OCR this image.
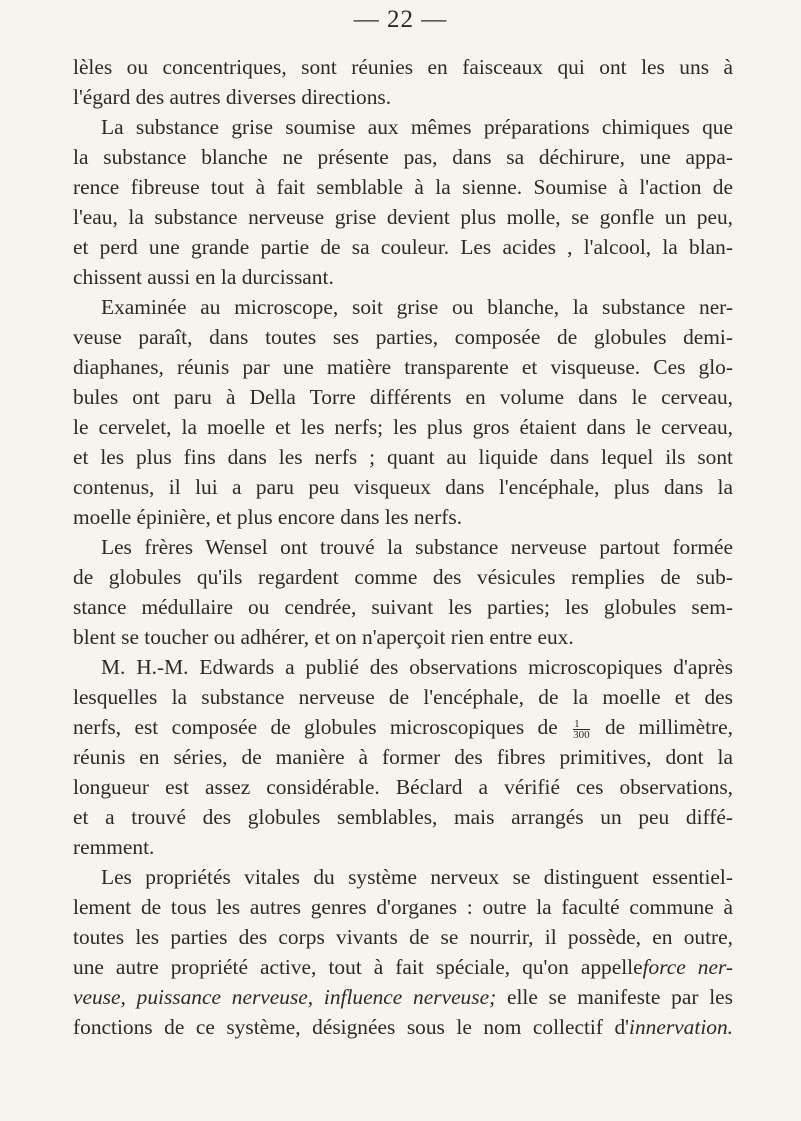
— 22 —
lèles ou concentriques, sont réunies en faisceaux qui ont les uns à
l'égard des autres diverses directions.
La substance grise soumise aux mêmes préparations chimiques que
la substance blanche ne présente pas, dans sa déchirure, une appa-
rence fibreuse tout à fait semblable à la sienne. Soumise à l'action de
l'eau, la substance nerveuse grise devient plus molle, se gonfle un peu,
et perd une grande partie de sa couleur. Les acides , l'alcool, la blan-
chissent aussi en la durcissant.
Examinée au microscope, soit grise ou blanche, la substance ner-
veuse paraît, dans toutes ses parties, composée de globules demi-
diaphanes, réunis par une matière transparente et visqueuse. Ces glo-
bules ont paru à Della Torre différents en volume dans le cerveau,
le cervelet, la moelle et les nerfs; les plus gros étaient dans le cerveau,
et les plus fins dans les nerfs ; quant au liquide dans lequel ils sont
contenus, il lui a paru peu visqueux dans l'encéphale, plus dans la
moelle épinière, et plus encore dans les nerfs.
Les frères Wensel ont trouvé la substance nerveuse partout formée
de globules qu'ils regardent comme des vésicules remplies de sub-
stance médullaire ou cendrée, suivant les parties; les globules sem-
blent se toucher ou adhérer, et on n'aperçoit rien entre eux.
M. H.-M. Edwards a publié des observations microscopiques d'après
lesquelles la substance nerveuse de l'encéphale, de la moelle et des
nerfs, est composée de globules microscopiques de $\frac{1}{300}$ de millimètre,
réunis en séries, de manière à former des fibres primitives, dont la
longueur est assez considérable. Béclard a vérifié ces observations,
et a trouvé des globules semblables, mais arrangés un peu diffé-
remment.
Les propriétés vitales du système nerveux se distinguent essentiel-
lement de tous les autres genres d'organes : outre la faculté commune à
toutes les parties des corps vivants de se nourrir, il possède, en outre,
une autre propriété active, tout à fait spéciale, qu'on appelleforce ner-
veuse, puissance nerveuse, influence nerveuse; elle se manifeste par les
fonctions de ce système, désignées sous le nom collectif d'innervation.
